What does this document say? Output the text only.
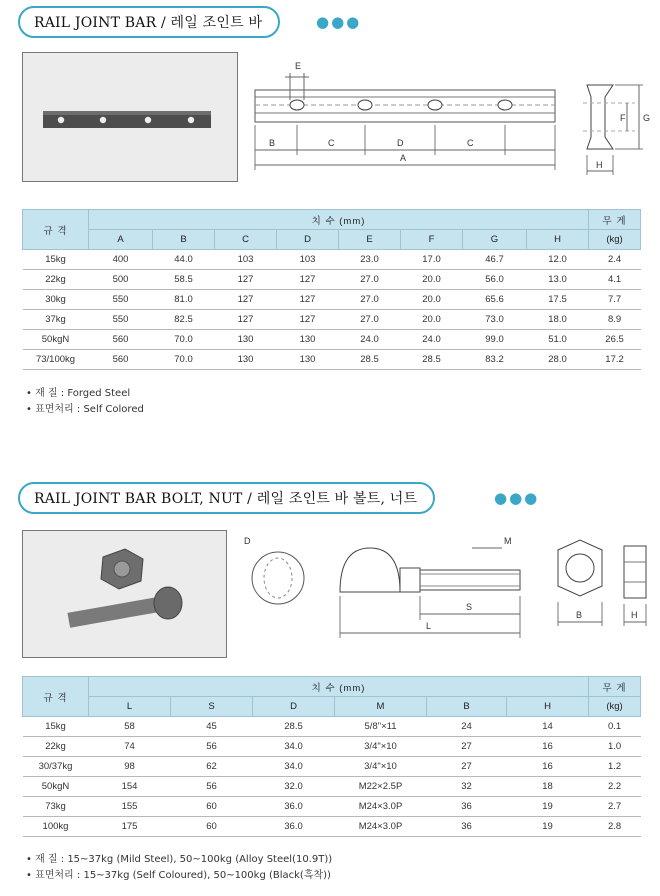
RAIL JOINT BAR / 레일 조인트 바	●●●
E
B	C	D	C
A
F G
H
규 격	치 수 (mm)								무 게
	A	B	C	D	E	F	G	H	(kg)
15kg	400	44.0	103	103	23.0	17.0	46.7	12.0	2.4
22kg	500	58.5	127	127	27.0	20.0	56.0	13.0	4.1
30kg	550	81.0	127	127	27.0	20.0	65.6	17.5	7.7
37kg	550	82.5	127	127	27.0	20.0	73.0	18.0	8.9
50kgN	560	70.0	130	130	24.0	24.0	99.0	51.0	26.5
73/100kg	560	70.0	130	130	28.5	28.5	83.2	28.0	17.2
• 재 질 : Forged Steel
• 표면처리 : Self Colored
RAIL JOINT BAR BOLT, NUT / 레일 조인트 바 볼트, 너트	●●●
D	M
S
L
B	H
규 격	치 수 (mm)						무 게
	L	S	D	M	B	H	(kg)
15kg	58	45	28.5	5/8"×11	24	14	0.1
22kg	74	56	34.0	3/4"×10	27	16	1.0
30/37kg	98	62	34.0	3/4"×10	27	16	1.2
50kgN	154	56	32.0	M22×2.5P	32	18	2.2
73kg	155	60	36.0	M24×3.0P	36	19	2.7
100kg	175	60	36.0	M24×3.0P	36	19	2.8
• 재 질 : 15~37kg (Mild Steel), 50~100kg (Alloy Steel(10.9T))
• 표면처리 : 15~37kg (Self Coloured), 50~100kg (Black(흑착))
